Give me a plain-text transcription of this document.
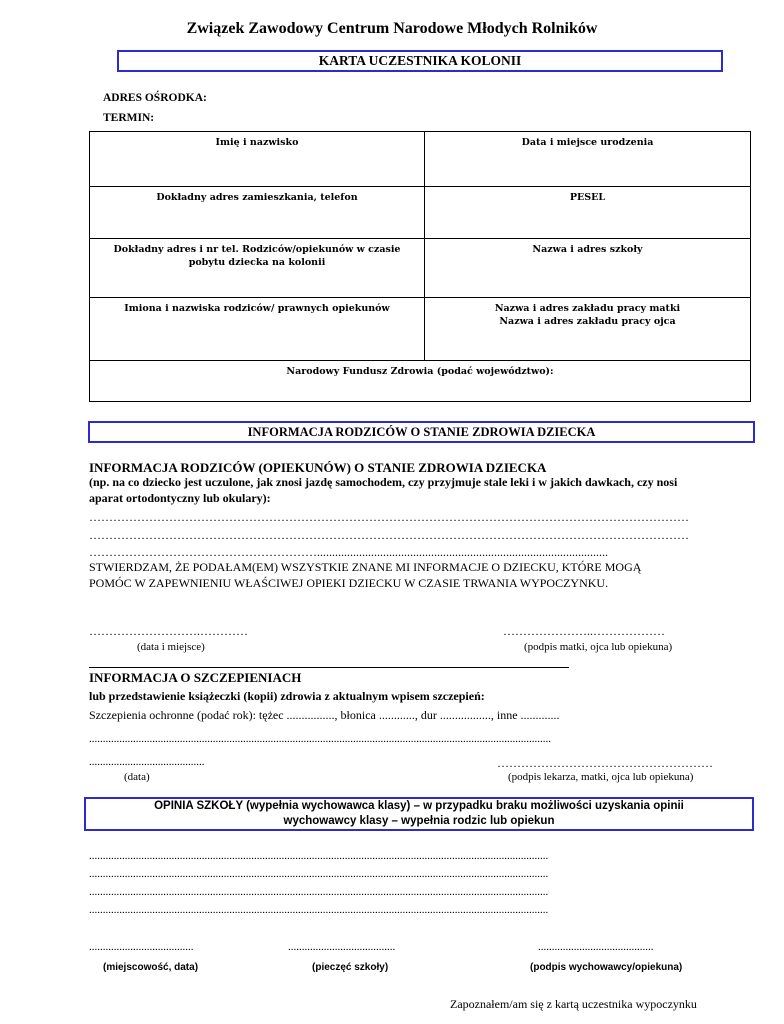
Związek Zawodowy Centrum Narodowe Młodych Rolników
KARTA UCZESTNIKA KOLONII
ADRES OŚRODKA:
TERMIN:
Imię i nazwisko	Data i miejsce urodzenia
Dokładny adres zamieszkania, telefon	PESEL
Dokładny adres i nr tel. Rodziców/opiekunów w czasie
pobytu dziecka na kolonii	Nazwa i adres szkoły
Imiona i nazwiska rodziców/ prawnych opiekunów	Nazwa i adres zakładu pracy matki
Nazwa i adres zakładu pracy ojca
Narodowy Fundusz Zdrowia (podać województwo):	
INFORMACJA RODZICÓW O STANIE ZDROWIA DZIECKA
INFORMACJA RODZICÓW (OPIEKUNÓW) O STANIE ZDROWIA DZIECKA
(np. na co dziecko jest uczulone, jak znosi jazdę samochodem, czy przyjmuje stale leki i w jakich dawkach, czy nosi
aparat ortodontyczny lub okulary):
……………………………………………………………………………………………………………………………………
……………………………………………………………………………………………………………………………………
………………………………………………….................................................................................................
STWIERDZAM, ŻE PODAŁAM(EM) WSZYSTKIE ZNANE MI INFORMACJE O DZIECKU, KTÓRE MOGĄ
POMÓC W ZAPEWNIENIU WŁAŚCIWEJ OPIEKI DZIECKU W CZASIE TRWANIA WYPOCZYNKU.
……………………….…………	…………………..………………
(data i miejsce)	(podpis matki, ojca lub opiekuna)
INFORMACJA O SZCZEPIENIACH
lub przedstawienie książeczki (kopii) zdrowia z aktualnym wpisem szczepień:
Szczepienia ochronne (podać rok): tężec ................, błonica ............, dur ................., inne .............
........................................................................................................................................................................
..........................................	………………………………………………
(data)	(podpis lekarza, matki, ojca lub opiekuna)
OPINIA SZKOŁY (wypełnia wychowawca klasy) – w przypadku braku możliwości uzyskania opinii
wychowawcy klasy – wypełnia rodzic lub opiekun
.......................................................................................................................................................................
.......................................................................................................................................................................
.......................................................................................................................................................................
.......................................................................................................................................................................
......................................	.......................................	..........................................
(miejscowość, data)	(pieczęć szkoły)	(podpis wychowawcy/opiekuna)
Zapoznałem/am się z kartą uczestnika wypoczynku
